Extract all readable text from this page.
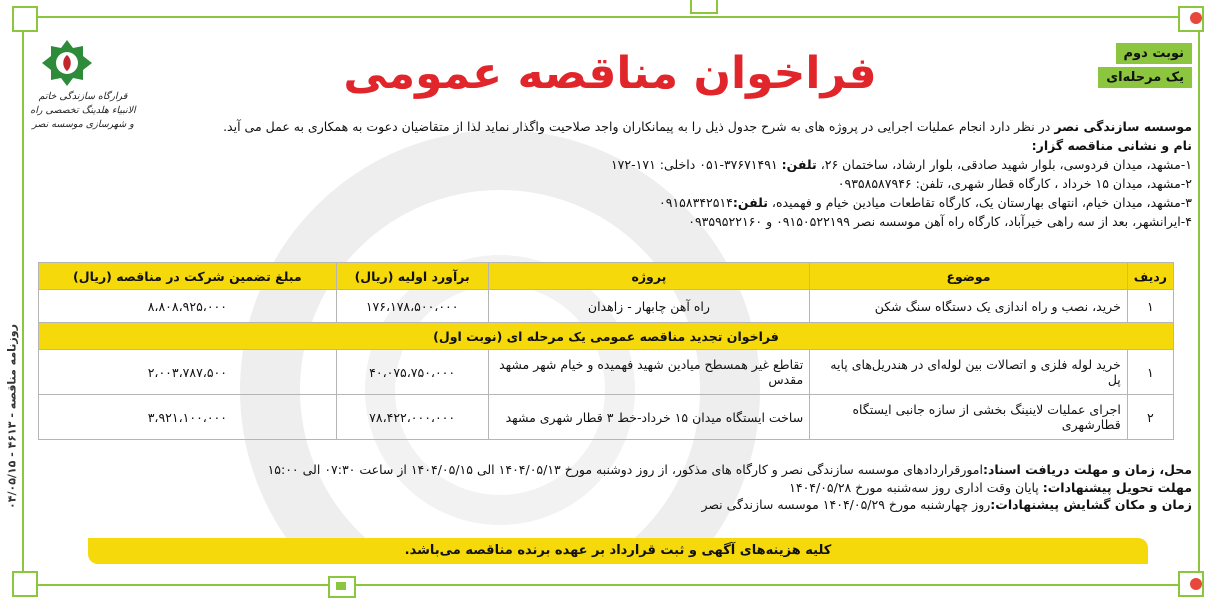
روزنامه مناقصه - ۴۶۱۳ - ۰۴/۰۵/۱۵
نوبت دوم
یک مرحله‌ای
فراخوان مناقصه عمومی
قرارگاه سازندگی خاتم الانبیاء هلدینگ تخصصی راه و شهرسازی موسسه نصر	موسسه سازندگی نصر در نظر دارد انجام عملیات اجرایی در پروژه های به شرح جدول ذیل را به پیمانکاران واجد صلاحیت واگذار نماید لذا از متقاضیان دعوت به همکاری به عمل می آید.
نام و نشانی مناقصه گزار:
۱-مشهد، میدان فردوسی، بلوار شهید صادقی، بلوار ارشاد، ساختمان ۲۶، تلفن: ۳۷۶۷۱۴۹۱-۰۵۱ داخلی: ۱۷۱-۱۷۲
۲-مشهد، میدان ۱۵ خرداد ، کارگاه قطار شهری، تلفن: ۰۹۳۵۸۵۸۷۹۴۶
۳-مشهد، میدان خیام، انتهای بهارستان یک، کارگاه تقاطعات میادین خیام و فهمیده، تلفن:۰۹۱۵۸۳۴۲۵۱۴
۴-ایرانشهر، بعد از سه راهی خیرآباد، کارگاه راه آهن موسسه نصر ۰۹۱۵۰۵۲۲۱۹۹ و ۰۹۳۵۹۵۲۲۱۶۰
ردیف	موضوع	پروژه	برآورد اولیه (ریال)	مبلغ تضمین شرکت در مناقصه (ریال)
۱	خرید، نصب و راه اندازی یک دستگاه سنگ شکن	راه آهن چابهار - زاهدان	۱۷۶،۱۷۸،۵۰۰،۰۰۰	۸،۸۰۸،۹۲۵،۰۰۰
فراخوان تجدید مناقصه عمومی یک مرحله ای (نوبت اول)				
۱	خرید لوله فلزی و اتصالات بین لوله‌ای در هندریل‌های پایه پل	تقاطع غیر همسطح میادین شهید فهمیده و خیام شهر مشهد مقدس	۴۰،۰۷۵،۷۵۰،۰۰۰	۲،۰۰۳،۷۸۷،۵۰۰
۲	اجرای عملیات لاینینگ بخشی از سازه جانبی ایستگاه قطارشهری	ساخت ایستگاه میدان ۱۵ خرداد-خط ۳ قطار شهری مشهد	۷۸،۴۲۲،۰۰۰،۰۰۰	۳،۹۲۱،۱۰۰،۰۰۰
محل، زمان و مهلت دریافت اسناد:امورقراردادهای موسسه سازندگی نصر و کارگاه های مذکور، از روز دوشنبه مورخ ۱۴۰۴/۰۵/۱۳ الی ۱۴۰۴/۰۵/۱۵ از ساعت ۰۷:۳۰ الی ۱۵:۰۰
مهلت تحویل پیشنهادات: پایان وقت اداری روز سه‌شنبه مورخ ۱۴۰۴/۰۵/۲۸
زمان و مکان گشایش پیشنهادات:روز چهارشنبه مورخ ۱۴۰۴/۰۵/۲۹ موسسه سازندگی نصر
کلیه هزینه‌های آگهی و ثبت قرارداد بر عهده برنده مناقصه می‌باشد.
